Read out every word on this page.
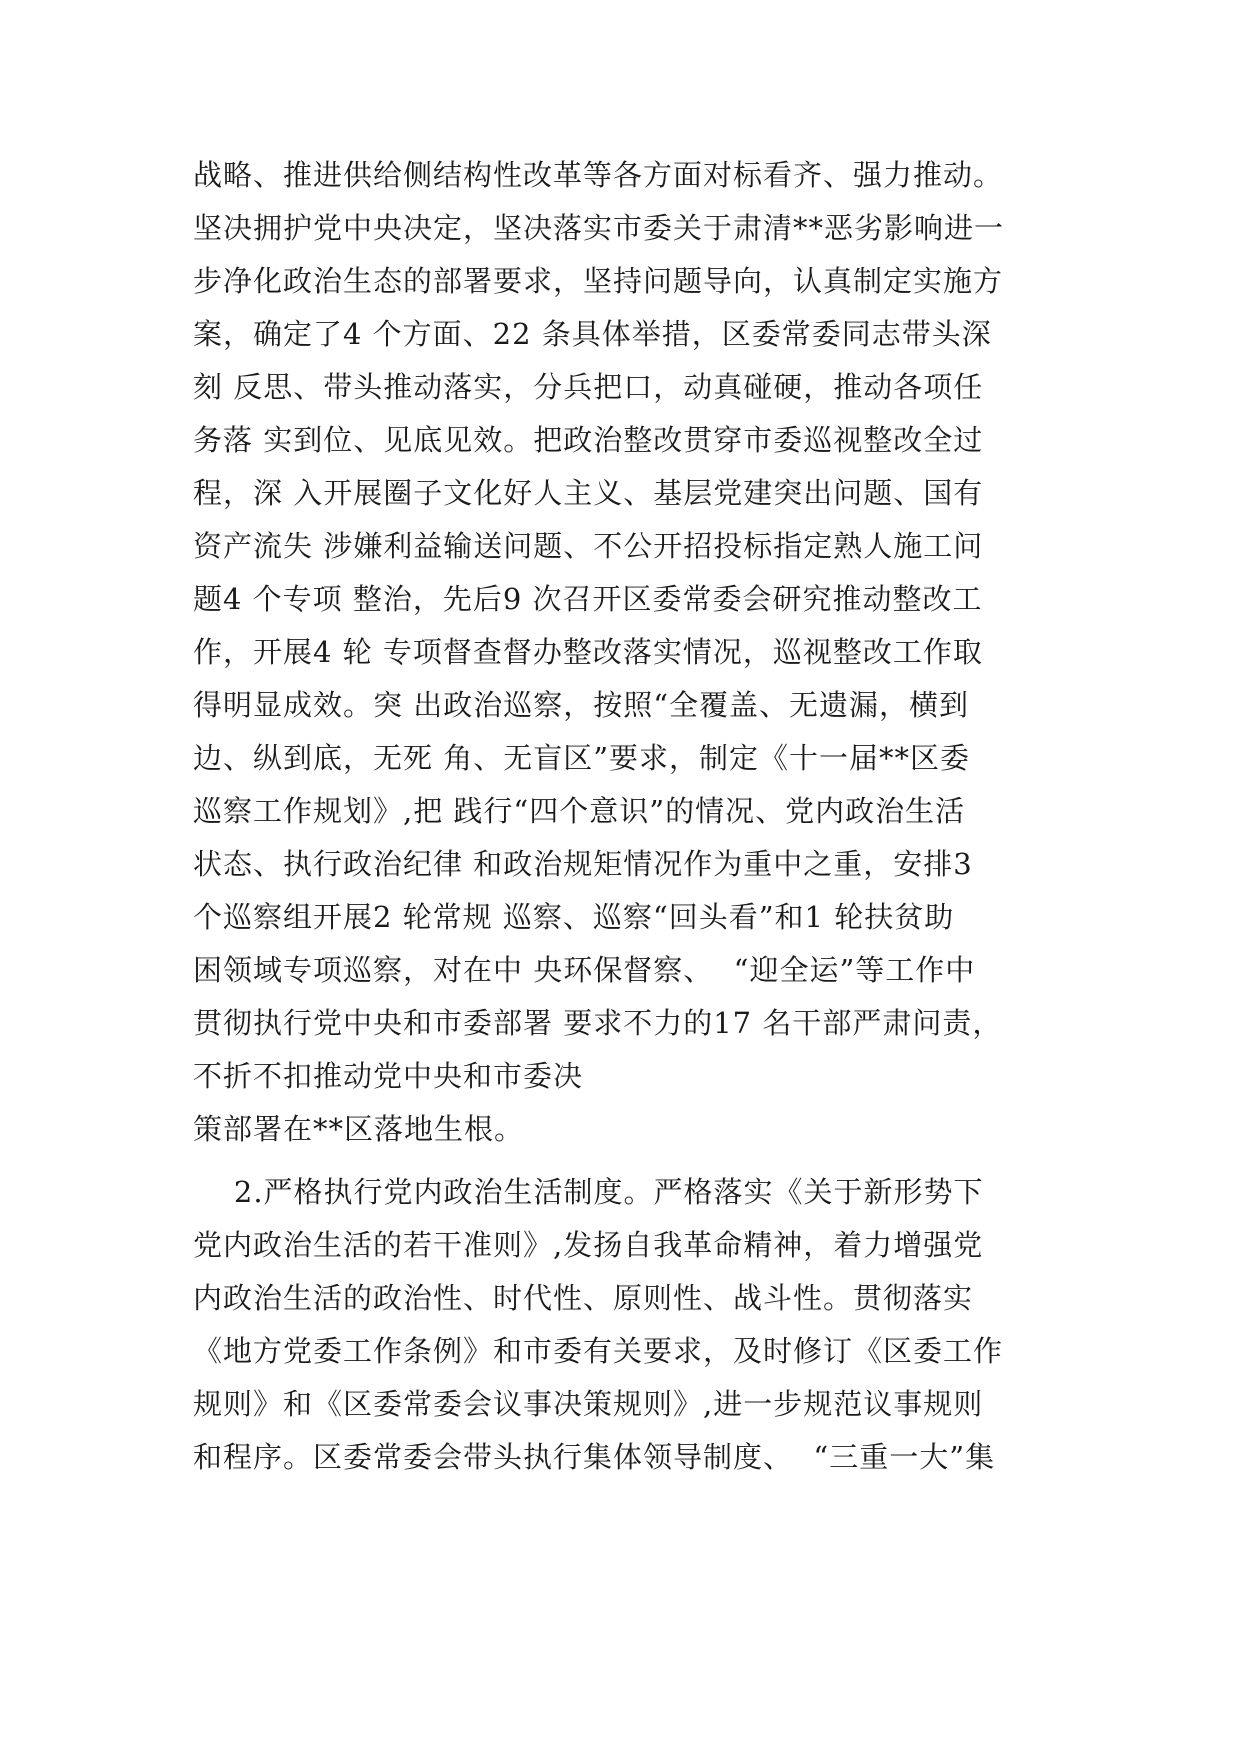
战略、推进供给侧结构性改革等各方面对标看齐、强力推动。
坚决拥护党中央决定，坚决落实市委关于肃清**恶劣影响进一
步净化政治生态的部署要求，坚持问题导向，认真制定实施方
案，确定了4 个方面、22 条具体举措，区委常委同志带头深
刻 反思、带头推动落实，分兵把口，动真碰硬，推动各项任
务落 实到位、见底见效。把政治整改贯穿市委巡视整改全过
程，深 入开展圈子文化好人主义、基层党建突出问题、国有
资产流失 涉嫌利益输送问题、不公开招投标指定熟人施工问
题4 个专项 整治，先后9 次召开区委常委会研究推动整改工
作，开展4 轮 专项督查督办整改落实情况，巡视整改工作取
得明显成效。突 出政治巡察，按照“全覆盖、无遗漏，横到
边、纵到底，无死 角、无盲区”要求，制定《十一届**区委
巡察工作规划》,把 践行“四个意识”的情况、党内政治生活
状态、执行政治纪律 和政治规矩情况作为重中之重，安排3
个巡察组开展2 轮常规 巡察、巡察“回头看”和1 轮扶贫助
困领域专项巡察，对在中 央环保督察、  “迎全运”等工作中
贯彻执行党中央和市委部署 要求不力的17 名干部严肃问责，
不折不扣推动党中央和市委决
策部署在**区落地生根。
2.严格执行党内政治生活制度。严格落实《关于新形势下
党内政治生活的若干准则》,发扬自我革命精神，着力增强党
内政治生活的政治性、时代性、原则性、战斗性。贯彻落实
《地方党委工作条例》和市委有关要求，及时修订《区委工作
规则》和《区委常委会议事决策规则》,进一步规范议事规则
和程序。区委常委会带头执行集体领导制度、  “三重一大”集
